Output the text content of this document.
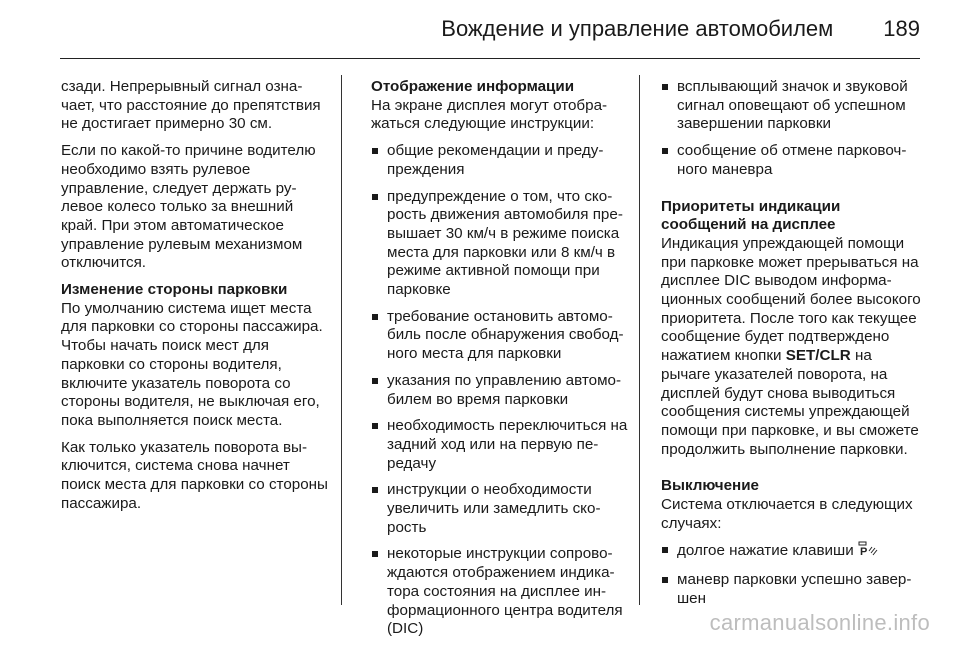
Вождение и управление автомобилем 189

сзади. Непрерывный сигнал означает, что расстояние до препятствия не достигает примерно 30 см.

Если по какой-то причине водителю необходимо взять рулевое управление, следует держать рулевое колесо только за внешний край. При этом автоматическое управление рулевым механизмом отключится.

Изменение стороны парковки

По умолчанию система ищет места для парковки со стороны пассажира. Чтобы начать поиск мест для парковки со стороны водителя, включите указатель поворота со стороны водителя, не выключая его, пока выполняется поиск места.

Как только указатель поворота выключится, система снова начнет поиск места для парковки со стороны пассажира.

Отображение информации

На экране дисплея могут отображаться следующие инструкции:

общие рекомендации и предупреждения
предупреждение о том, что скорость движения автомобиля превышает 30 км/ч в режиме поиска места для парковки или 8 км/ч в режиме активной помощи при парковке
требование остановить автомобиль после обнаружения свободного места для парковки
указания по управлению автомобилем во время парковки
необходимость переключиться на задний ход или на первую передачу
инструкции о необходимости увеличить или замедлить скорость
некоторые инструкции сопровождаются отображением индикатора состояния на дисплее информационного центра водителя (DIC)
всплывающий значок и звуковой сигнал оповещают об успешном завершении парковки
сообщение об отмене парковочного маневра
Приоритеты индикации сообщений на дисплее

Индикация упреждающей помощи при парковке может прерываться на дисплее DIC выводом информационных сообщений более высокого приоритета. После того как текущее сообщение будет подтверждено нажатием кнопки SET/CLR на рычаге указателей поворота, на дисплей будут снова выводиться сообщения системы упреждающей помощи при парковке, и вы сможете продолжить выполнение парковки.

Выключение

Система отключается в следующих случаях:

долгое нажатие клавиши P
маневр парковки успешно завершен
carmanualsonline.info
